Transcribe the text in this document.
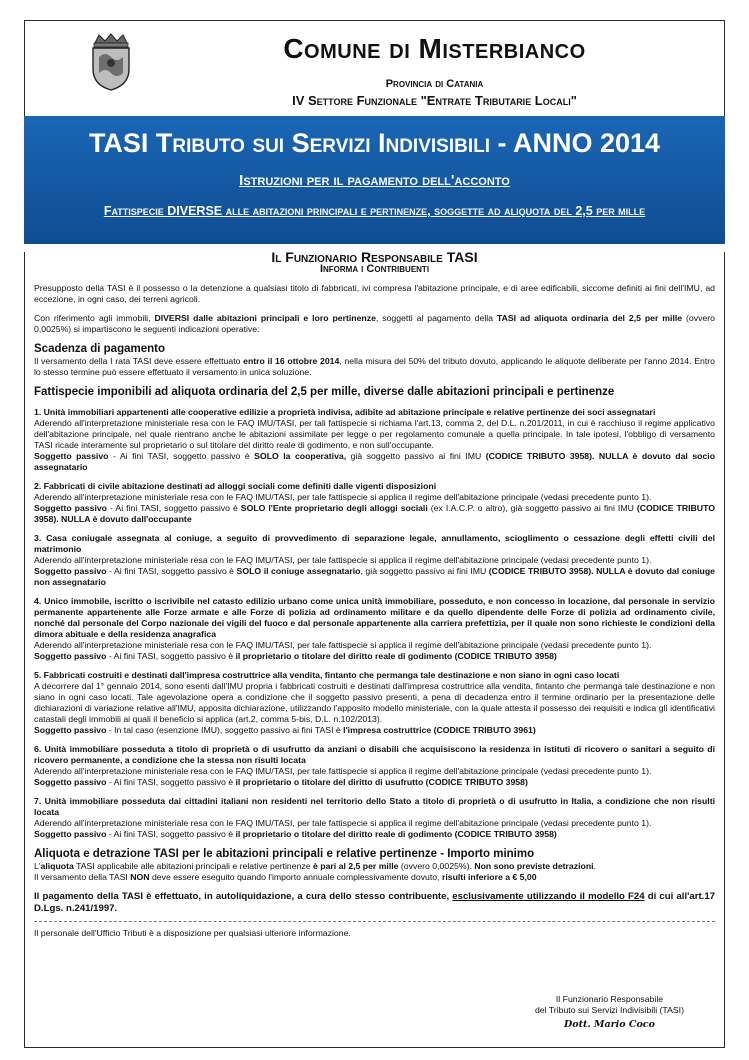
Comune di Misterbianco
Provincia di Catania
IV Settore Funzionale "Entrate Tributarie Locali"
TASI Tributo sui Servizi Indivisibili - ANNO 2014
Istruzioni per il pagamento dell'acconto
Fattispecie DIVERSE alle abitazioni principali e pertinenze, soggette ad aliquota del 2,5 per mille
Il Funzionario Responsabile TASI
Informa i Contribuenti

Presupposto della TASI è il possesso o la detenzione a qualsiasi titolo di fabbricati, ivi compresa l'abitazione principale, e di aree edificabili, siccome definiti ai fini dell'IMU, ad eccezione, in ogni caso, dei terreni agricoli.

Con riferimento agli immobili, DIVERSI dalle abitazioni principali e loro pertinenze, soggetti al pagamento della TASI ad aliquota ordinaria del 2,5 per mille (ovvero 0,0025%) si impartiscono le seguenti indicazioni operative:

Scadenza di pagamento

Il versamento della I rata TASI deve essere effettuato entro il 16 ottobre 2014, nella misura del 50% del tributo dovuto, applicando le aliquote deliberate per l'anno 2014. Entro lo stesso termine può essere effettuato il versamento in unica soluzione.

Fattispecie imponibili ad aliquota ordinaria del 2,5 per mille, diverse dalle abitazioni principali e pertinenze
1. Unità immobiliari appartenenti alle cooperative edilizie a proprietà indivisa, adibite ad abitazione principale e relative pertinenze dei soci assegnatari
Aderendo all'interpretazione ministeriale resa con le FAQ IMU/TASI, per tali fattispecie si richiama l'art.13, comma 2, del D.L. n.201/2011, in cui è racchiuso il regime applicativo dell'abitazione principale, nel quale rientrano anche le abitazioni assimilate per legge o per regolamento comunale a quella principale. In tale ipotesi, l'obbligo di versamento TASI ricade interamente sul proprietario o sul titolare del diritto reale di godimento, e non sull'occupante.
Soggetto passivo - Ai fini TASI, soggetto passivo è SOLO la cooperativa, già soggetto passivo ai fini IMU (CODICE TRIBUTO 3958). NULLA è dovuto dal socio assegnatario
2. Fabbricati di civile abitazione destinati ad alloggi sociali come definiti dalle vigenti disposizioni
Aderendo all'interpretazione ministeriale resa con le FAQ IMU/TASI, per tale fattispecie si applica il regime dell'abitazione principale (vedasi precedente punto 1).
Soggetto passivo - Ai fini TASI, soggetto passivo è SOLO l'Ente proprietario degli alloggi sociali (ex I.A.C.P. o altro), già soggetto passivo ai fini IMU (CODICE TRIBUTO 3958). NULLA è dovuto dall'occupante
3. Casa coniugale assegnata al coniuge, a seguito di provvedimento di separazione legale, annullamento, scioglimento o cessazione degli effetti civili del matrimonio
Aderendo all'interpretazione ministeriale resa con le FAQ IMU/TASI, per tale fattispecie si applica il regime dell'abitazione principale (vedasi precedente punto 1).
Soggetto passivo - Ai fini TASI, soggetto passivo è SOLO il coniuge assegnatario, già soggetto passivo ai fini IMU (CODICE TRIBUTO 3958). NULLA è dovuto dal coniuge non assegnatario
4. Unico immobile, iscritto o iscrivibile nel catasto edilizio urbano come unica unità immobiliare, posseduto, e non concesso in locazione, dal personale in servizio permanente appartenente alle Forze armate e alle Forze di polizia ad ordinamento militare e da quello dipendente delle Forze di polizia ad ordinamento civile, nonché dal personale del Corpo nazionale dei vigili del fuoco e dal personale appartenente alla carriera prefettizia, per il quale non sono richieste le condizioni della dimora abituale e della residenza anagrafica
Aderendo all'interpretazione ministeriale resa con le FAQ IMU/TASI, per tale fattispecie si applica il regime dell'abitazione principale (vedasi precedente punto 1).
Soggetto passivo - Ai fini TASI, soggetto passivo è il proprietario o titolare del diritto reale di godimento (CODICE TRIBUTO 3958)
5. Fabbricati costruiti e destinati dall'impresa costruttrice alla vendita, fintanto che permanga tale destinazione e non siano in ogni caso locati
A decorrere dal 1° gennaio 2014, sono esenti dall'IMU propria i fabbricati costruiti e destinati dall'impresa costruttrice alla vendita, fintanto che permanga tale destinazione e non siano in ogni caso locati. Tale agevolazione opera a condizione che il soggetto passivo presenti, a pena di decadenza entro il termine ordinario per la presentazione delle dichiarazioni di variazione relative all'IMU, apposita dichiarazione, utilizzando l'apposito modello ministeriale, con la quale attesta il possesso dei requisiti e indica gli identificativi catastali degli immobili ai quali il beneficio si applica (art.2, comma 5-bis, D.L. n.102/2013).
Soggetto passivo - In tal caso (esenzione IMU), soggetto passivo ai fini TASI è l'impresa costruttrice (CODICE TRIBUTO 3961)
6. Unità immobiliare posseduta a titolo di proprietà o di usufrutto da anziani o disabili che acquisiscono la residenza in istituti di ricovero o sanitari a seguito di ricovero permanente, a condizione che la stessa non risulti locata
Aderendo all'interpretazione ministeriale resa con le FAQ IMU/TASI, per tale fattispecie si applica il regime dell'abitazione principale (vedasi precedente punto 1).
Soggetto passivo - Ai fini TASI, soggetto passivo è il proprietario o titolare del diritto di usufrutto (CODICE TRIBUTO 3958)
7. Unità immobiliare posseduta dai cittadini italiani non residenti nel territorio dello Stato a titolo di proprietà o di usufrutto in Italia, a condizione che non risulti locata
Aderendo all'interpretazione ministeriale resa con le FAQ IMU/TASI, per tale fattispecie si applica il regime dell'abitazione principale (vedasi precedente punto 1).
Soggetto passivo - Ai fini TASI, soggetto passivo è il proprietario o titolare del diritto reale di godimento (CODICE TRIBUTO 3958)
Aliquota e detrazione TASI per le abitazioni principali e relative pertinenze - Importo minimo
L'aliquota TASI applicabile alle abitazioni principali e relative pertinenze è pari al 2,5 per mille (ovvero 0,0025%). Non sono previste detrazioni.
Il versamento della TASI NON deve essere eseguito quando l'importo annuale complessivamente dovuto, risulti inferiore a € 5,00

Il pagamento della TASI è effettuato, in autoliquidazione, a cura dello stesso contribuente, esclusivamente utilizzando il modello F24 di cui all'art.17 D.Lgs. n.241/1997.

Il personale dell'Ufficio Tributi è a disposizione per qualsiasi ulteriore informazione.

Il Funzionario Responsabile
del Tributo sui Servizi Indivisibili (TASI)
Dott. Mario Coco
